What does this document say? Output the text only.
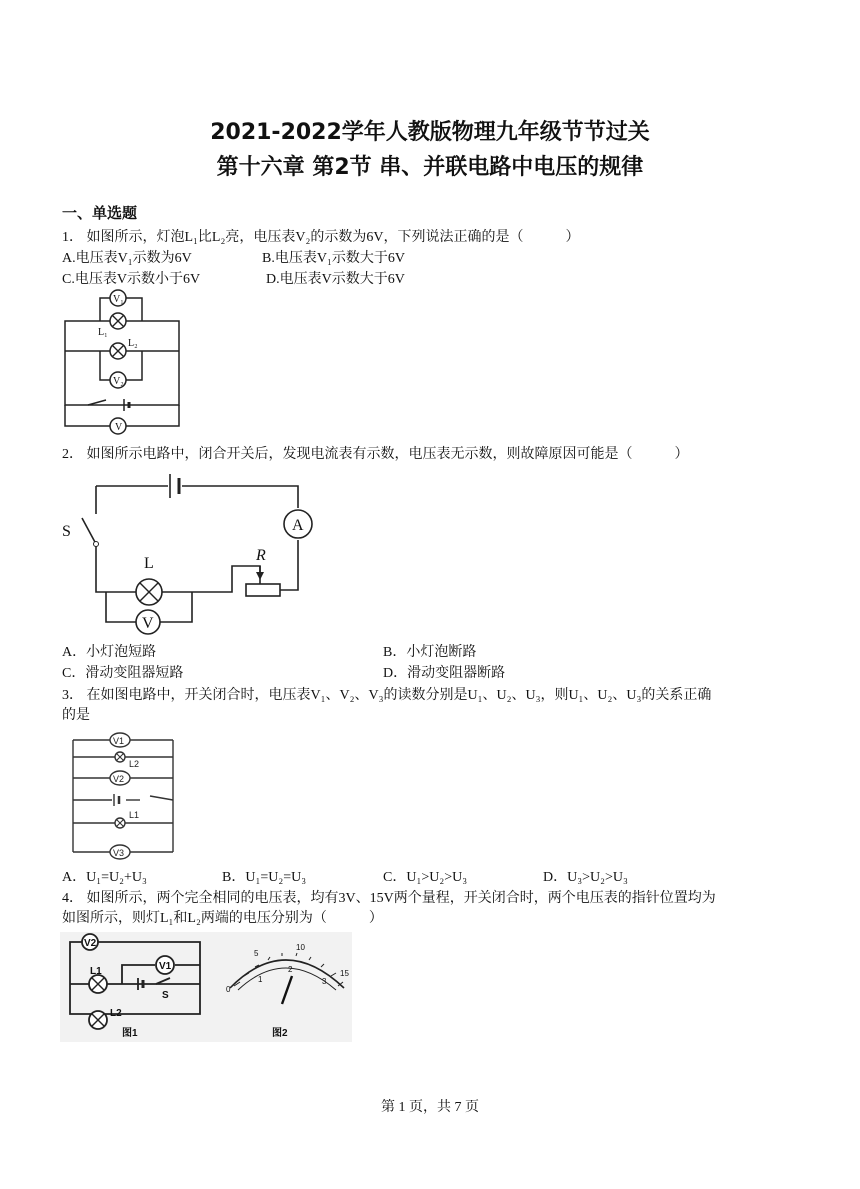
2021-2022学年人教版物理九年级节节过关
第十六章 第2节 串、并联电路中电压的规律
一、单选题
1． 如图所示，灯泡L₁比L₂亮，电压表V₂的示数为6V，下列说法正确的是（　　　）
A.电压表V₁示数为6V	B.电压表V₁示数大于6V
C.电压表V示数小于6V	D.电压表V示数大于6V
V₁
L₁
L₂
V₂
V
2． 如图所示电路中，闭合开关后，发现电流表有示数，电压表无示数，则故障原因可能是（　　　）
S	A
L	R
V
A．小灯泡短路	B．小灯泡断路
C．滑动变阻器短路	D．滑动变阻器断路
3． 在如图电路中，开关闭合时，电压表V₁、V₂、V₃的读数分别是U₁、U₂、U₃，则U₁、U₂、U₃的关系正确
的是
V1
L2
V2
L1
V3
A．U₁=U₂+U₃	B．U₁=U₂=U₃	C．U₁>U₂>U₃	D．U₃>U₂>U₃
4． 如图所示，两个完全相同的电压表，均有3V、15V两个量程，开关闭合时，两个电压表的指针位置均为
如图所示，则灯L₁和L₂两端的电压分别为（　　　）
V2
L1	V1
S
L2
图1
0
5
10
15
1
2
3
图2
第 1 页，共 7 页
